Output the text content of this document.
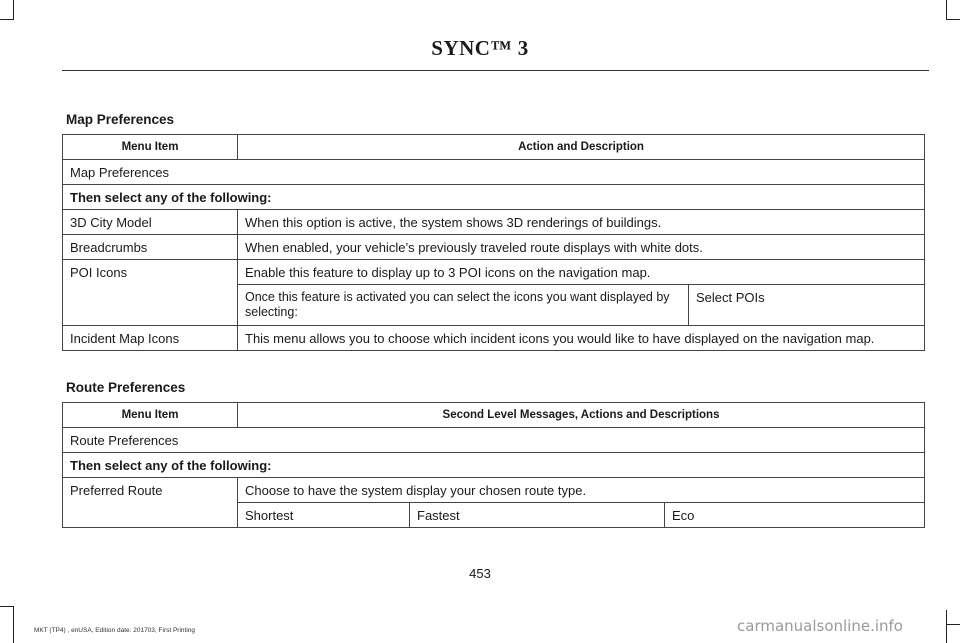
SYNC™ 3
Map Preferences
Menu Item	Action and Description	
Map Preferences		
Then select any of the following:		
3D City Model	When this option is active, the system shows 3D renderings of buildings.	
Breadcrumbs	When enabled, your vehicle’s previously traveled route displays with white dots.	
POI Icons	Enable this feature to display up to 3 POI icons on the navigation map.	
	Once this feature is activated you can select the icons you want displayed by selecting:	Select POIs
Incident Map Icons	This menu allows you to choose which incident icons you would like to have displayed on the navigation map.	
Route Preferences
Menu Item	Second Level Messages, Actions and Descriptions		
Route Preferences			
Then select any of the following:			
Preferred Route	Choose to have the system display your chosen route type.		
	Shortest	Fastest	Eco
453
MKT (TP4) , enUSA, Edition date: 201703, First Printing	carmanualsonline.info
